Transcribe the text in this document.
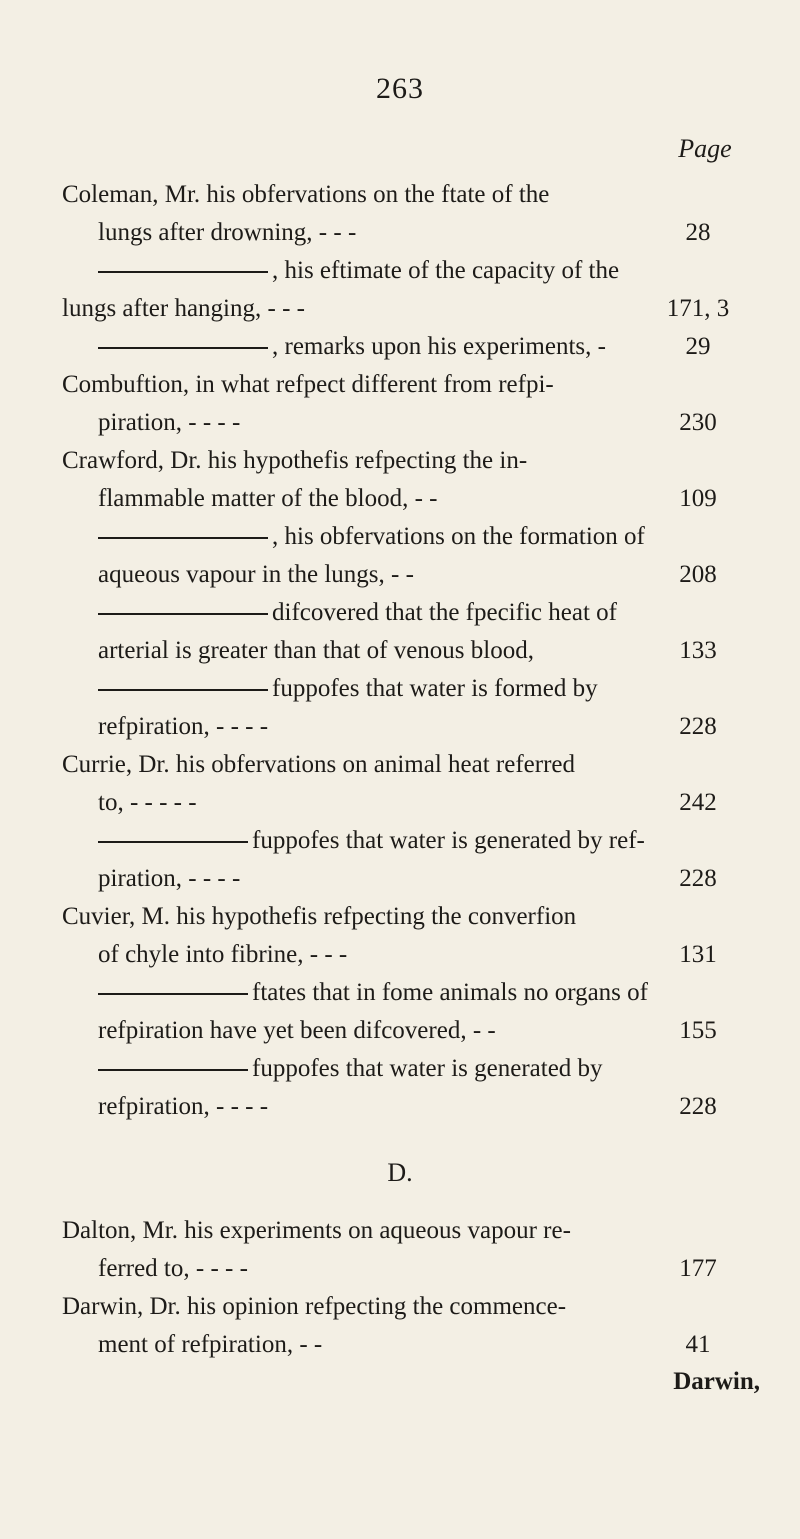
263
Page
Coleman, Mr. his obfervations on the ftate of the
lungs after drowning, - - -	28
, his eftimate of the capacity of the
lungs after hanging, - - -	171, 3
, remarks upon his experiments, -	29
Combuftion, in what refpect different from refpi-
piration, - - - -	230
Crawford, Dr. his hypothefis refpecting the in-
flammable matter of the blood, - -	109
, his obfervations on the formation of
aqueous vapour in the lungs, - -	208
difcovered that the fpecific heat of
arterial is greater than that of venous blood,	133
fuppofes that water is formed by
refpiration, - - - -	228
Currie, Dr. his obfervations on animal heat referred
to, - - - - -	242
fuppofes that water is generated by ref-
piration, - - - -	228
Cuvier, M. his hypothefis refpecting the converfion
of chyle into fibrine, - - -	131
ftates that in fome animals no organs of
refpiration have yet been difcovered, - -	155
fuppofes that water is generated by
refpiration, - - - -	228
D.
Dalton, Mr. his experiments on aqueous vapour re-
ferred to, - - - -	177
Darwin, Dr. his opinion refpecting the commence-
ment of refpiration, - -	41
Darwin,
